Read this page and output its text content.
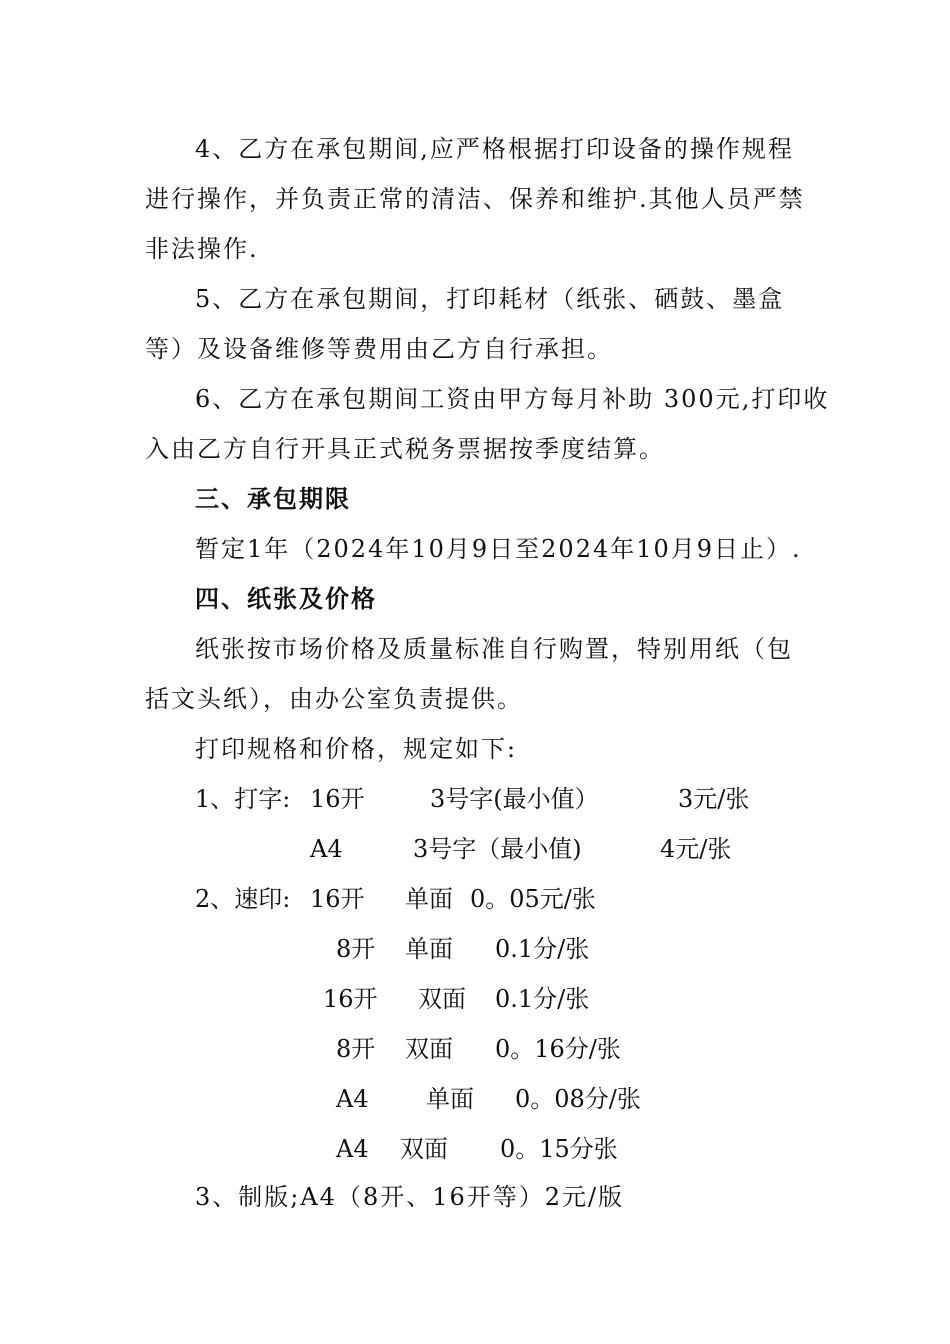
4、乙方在承包期间,应严格根据打印设备的操作规程
进行操作，并负责正常的清洁、保养和维护.其他人员严禁
非法操作.
5、乙方在承包期间，打印耗材（纸张、硒鼓、墨盒
等）及设备维修等费用由乙方自行承担。
6、乙方在承包期间工资由甲方每月补助 300元,打印收
入由乙方自行开具正式税务票据按季度结算。
三、承包期限
暂定1年（2024年10月9日至2024年10月9日止）.
四、纸张及价格
纸张按市场价格及质量标准自行购置，特别用纸（包
括文头纸），由办公室负责提供。
打印规格和价格，规定如下:
1、打字: 16开	3号字(最小值）	3元/张
A4	3号字（最小值)	4元/张
2、速印: 16开 单面 0。05元/张
8开 单面 0.1分/张
16开 双面 0.1分/张
8开 双面 0。16分/张
A4 单面 0。08分/张
A4 双面 0。15分张
3、制版;A4（8开、16开等）2元/版
